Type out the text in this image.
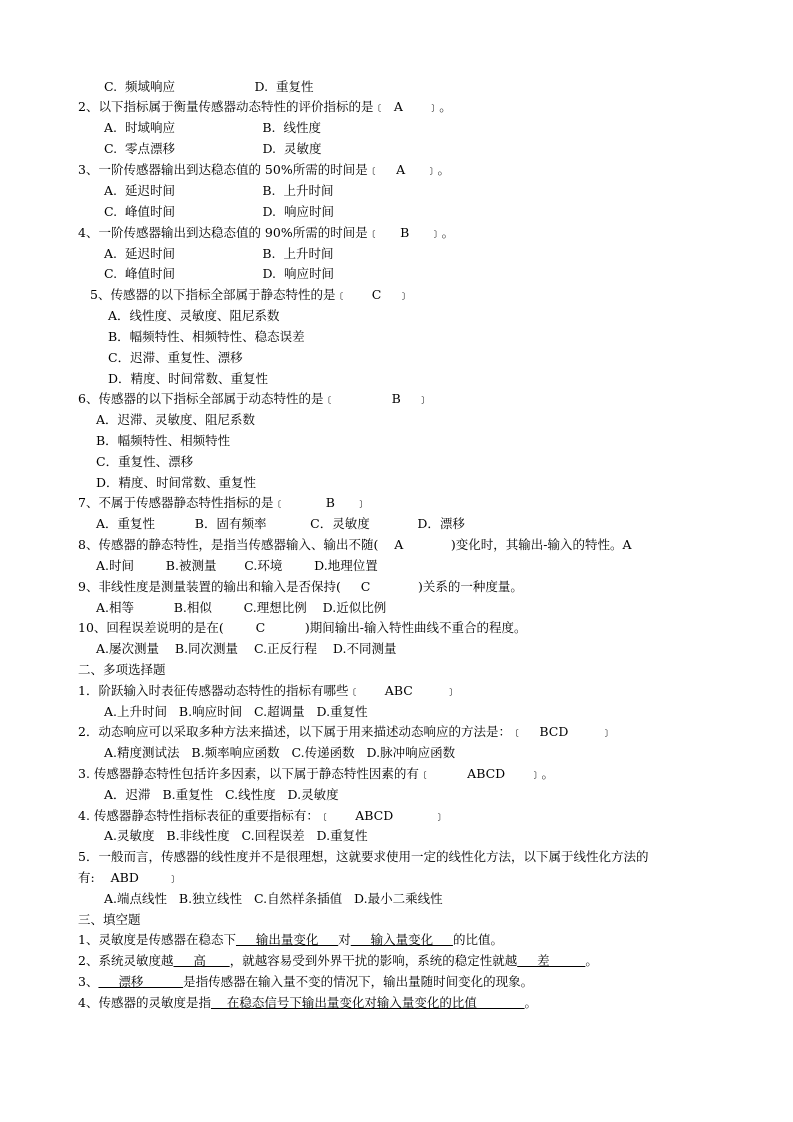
C.  频域响应                    D.  重复性
2、以下指标属于衡量传感器动态特性的评价指标的是﹝  A      ﹞。
A.  时域响应                      B.  线性度
C.  零点漂移                      D.  灵敏度
3、一阶传感器输出到达稳态值的 50%所需的时间是﹝    A     ﹞。
A.  延迟时间                      B.  上升时间
C.  峰值时间                      D.  响应时间
4、一阶传感器输出到达稳态值的 90%所需的时间是﹝     B     ﹞。
A.  延迟时间                      B.  上升时间
C.  峰值时间                      D.  响应时间
5、传感器的以下指标全部属于静态特性的是﹝      C    ﹞
A．线性度、灵敏度、阻尼系数
B．幅频特性、相频特性、稳态误差
C．迟滞、重复性、漂移
D．精度、时间常数、重复性
6、传感器的以下指标全部属于动态特性的是﹝              B    ﹞
A．迟滞、灵敏度、阻尼系数
B．幅频特性、相频特性
C．重复性、漂移
D．精度、时间常数、重复性
7、不属于传感器静态特性指标的是﹝          B     ﹞
A．重复性          B．固有频率           C．灵敏度            D．漂移
8、传感器的静态特性，是指当传感器输入、输出不随(    A            )变化时，其输出-输入的特性。A
A.时间        B.被测量       C.环境        D.地理位置
9、非线性度是测量装置的输出和输入是否保持(     C            )关系的一种度量。
A.相等          B.相似        C.理想比例    D.近似比例
10、回程误差说明的是在(        C          )期间输出-输入特性曲线不重合的程度。
A.屡次测量    B.同次测量    C.正反行程    D.不同测量
二、多项选择题
1．阶跃输入时表征传感器动态特性的指标有哪些﹝      ABC        ﹞
A.上升时间   B.响应时间   C.超调量   D.重复性
2．动态响应可以采取多种方法来描述，以下属于用来描述动态响应的方法是：﹝    BCD        ﹞
A.精度测试法   B.频率响应函数   C.传递函数   D.脉冲响应函数
3. 传感器静态特性包括许多因素，以下属于静态特性因素的有﹝         ABCD      ﹞。
A．迟滞   B.重复性   C.线性度   D.灵敏度
4. 传感器静态特性指标表征的重要指标有：﹝      ABCD          ﹞
A.灵敏度   B.非线性度   C.回程误差   D.重复性
5．一般而言，传感器的线性度并不是很理想，这就要求使用一定的线性化方法，以下属于线性化方法的
有:    ABD       ﹞
A.端点线性   B.独立线性   C.自然样条插值   D.最小二乘线性
三、填空题
1、灵敏度是传感器在稳态下     输出量变化     对     输入量变化     的比值。
2、系统灵敏度越     高      ，就越容易受到外界干扰的影响，系统的稳定性就越     差         。
3、     漂移          是指传感器在输入量不变的情况下，输出量随时间变化的现象。
4、传感器的灵敏度是指    在稳态信号下输出量变化对输入量变化的比值            。
